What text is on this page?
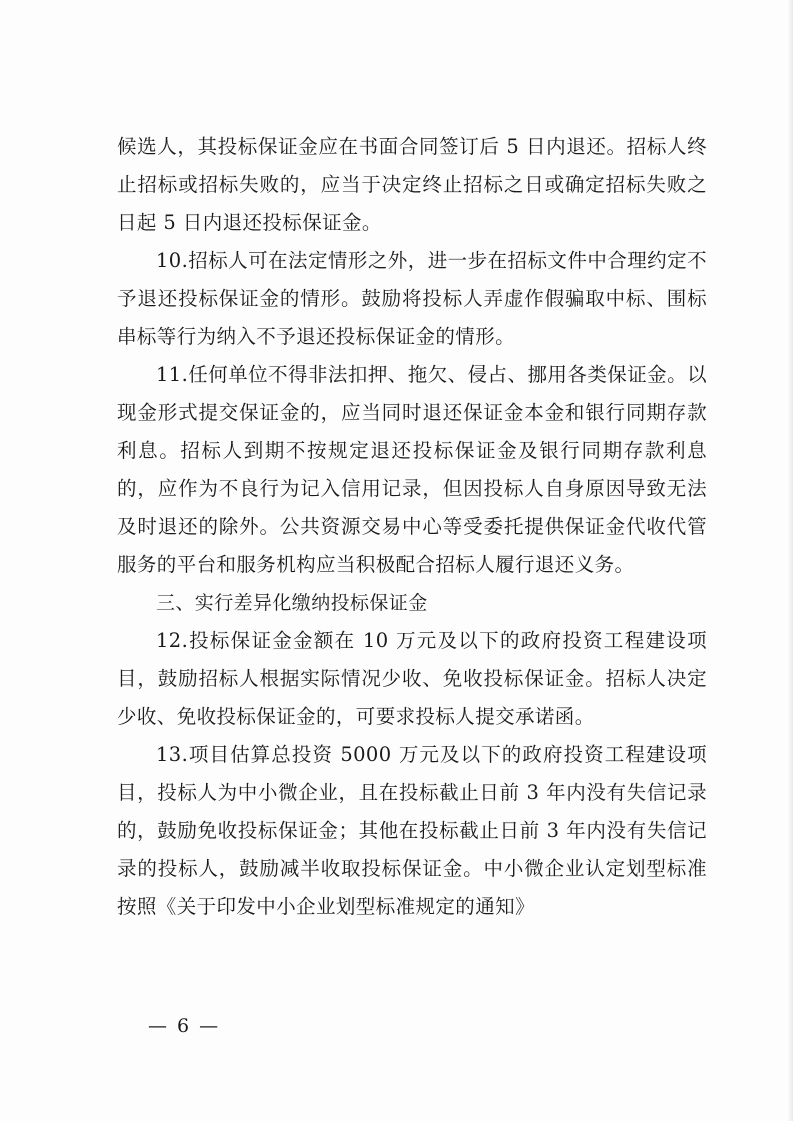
候选人，其投标保证金应在书面合同签订后 5 日内退还。招标人终止招标或招标失败的，应当于决定终止招标之日或确定招标失败之日起 5 日内退还投标保证金。

10.招标人可在法定情形之外，进一步在招标文件中合理约定不予退还投标保证金的情形。鼓励将投标人弄虚作假骗取中标、围标串标等行为纳入不予退还投标保证金的情形。

11.任何单位不得非法扣押、拖欠、侵占、挪用各类保证金。以现金形式提交保证金的，应当同时退还保证金本金和银行同期存款利息。招标人到期不按规定退还投标保证金及银行同期存款利息的，应作为不良行为记入信用记录，但因投标人自身原因导致无法及时退还的除外。公共资源交易中心等受委托提供保证金代收代管服务的平台和服务机构应当积极配合招标人履行退还义务。

三、实行差异化缴纳投标保证金

12.投标保证金金额在 10 万元及以下的政府投资工程建设项目，鼓励招标人根据实际情况少收、免收投标保证金。招标人决定少收、免收投标保证金的，可要求投标人提交承诺函。

13.项目估算总投资 5000 万元及以下的政府投资工程建设项目，投标人为中小微企业，且在投标截止日前 3 年内没有失信记录的，鼓励免收投标保证金；其他在投标截止日前 3 年内没有失信记录的投标人，鼓励减半收取投标保证金。中小微企业认定划型标准按照《关于印发中小企业划型标准规定的通知》

— 6 —
